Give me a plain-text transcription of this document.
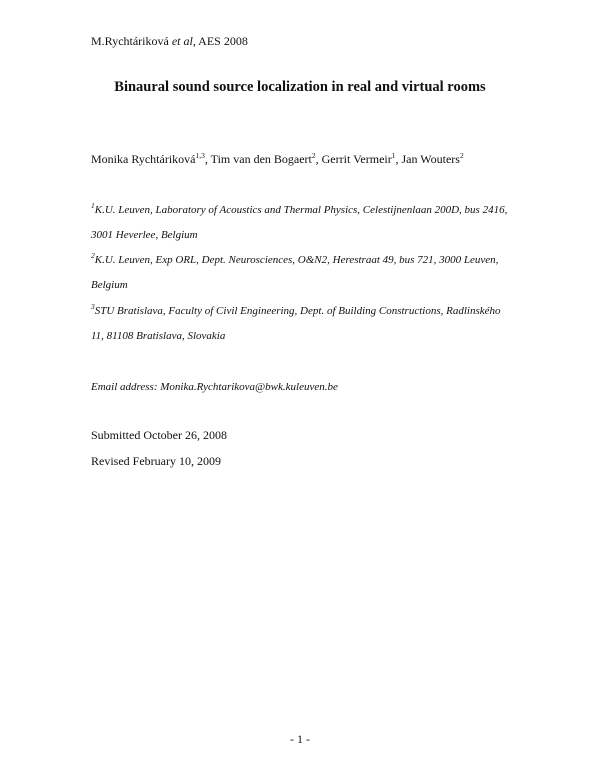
M.Rychtáriková et al, AES 2008
Binaural sound source localization in real and virtual rooms
Monika Rychtáriková$^{1,3}$, Tim van den Bogaert$^2$, Gerrit Vermeir$^1$, Jan Wouters$^2$
$^1$K.U. Leuven, Laboratory of Acoustics and Thermal Physics, Celestijnenlaan 200D, bus 2416,
3001 Heverlee, Belgium
$^2$K.U. Leuven, Exp ORL, Dept. Neurosciences, O&N2, Herestraat 49, bus 721, 3000 Leuven,
Belgium
$^3$STU Bratislava, Faculty of Civil Engineering, Dept. of Building Constructions, Radlinského
11, 81108 Bratislava, Slovakia
Email address: Monika.Rychtarikova@bwk.kuleuven.be
Submitted October 26, 2008
Revised February 10, 2009
- 1 -
